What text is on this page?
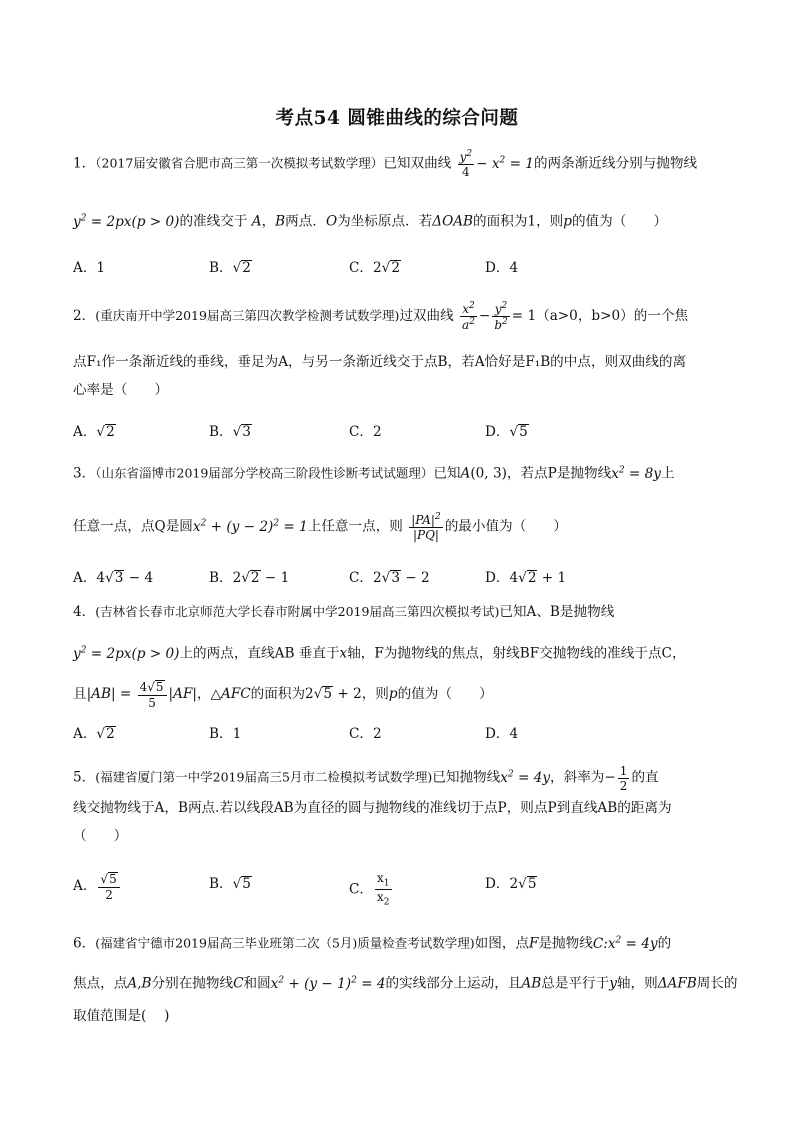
考点54 圆锥曲线的综合问题
1．（2017届安徽省合肥市高三第一次模拟考试数学理）已知双曲线 $\frac{y^2}{4} - x^2 = 1$的两条渐近线分别与抛物线
$y^2 = 2px(p > 0)$的准线交于 A，B两点．O为坐标原点．若ΔOAB的面积为1，则p的值为（　　）
A．1	B．√2	C．2√2	D．4
2．(重庆南开中学2019届高三第四次教学检测考试数学理)过双曲线 $\frac{x^2}{a^2} - \frac{y^2}{b^2} = 1(a>0$，b>0）的一个焦
点F₁作一条渐近线的垂线，垂足为A，与另一条渐近线交于点B，若A恰好是F₁B的中点，则双曲线的离
心率是（　　）
A．√2	B．√3	C．2	D．√5
3．（山东省淄博市2019届部分学校高三阶段性诊断考试试题理）已知A(0, 3)，若点P是抛物线$x^2 = 8y$上
任意一点，点Q是圆$x^2 + (y - 2)^2 = 1$上任意一点，则 $\frac{|PA|^2}{|PQ|}$ 的最小值为（　　）
A．4√3 − 4	B．2√2 − 1	C．2√3 − 2	D．4√2 + 1
4．(吉林省长春市北京师范大学长春市附属中学2019届高三第四次模拟考试)已知A、B是抛物线
$y^2 = 2px(p > 0)$上的两点，直线AB 垂直于x轴，F为抛物线的焦点，射线BF交抛物线的准线于点C，
且$|AB| = \frac{4√5}{5} |AF|$，△AFC的面积为2√5 + 2，则p的值为（　　）
A．√2	B．1	C．2	D．4
5．(福建省厦门第一中学2019届高三5月市二检模拟考试数学理)已知抛物线$x^2 = 4y$，斜率为− $\frac{1}{2}$ 的直
线交抛物线于A，B两点.若以线段AB为直径的圆与抛物线的准线切于点P，则点P到直线AB的距离为
（　　）
A． $\frac{√5}{2}$	B．√5	C． $\frac{x_1}{x_2}$	D．2√5
6．(福建省宁德市2019届高三毕业班第二次（5月)质量检查考试数学理)如图，点F是抛物线$C:x^2 = 4y$的
焦点，点A,B分别在抛物线C和圆$x^2 + (y - 1)^2 = 4$的实线部分上运动，且AB总是平行于y轴，则ΔAFB周长的
取值范围是(　 )
